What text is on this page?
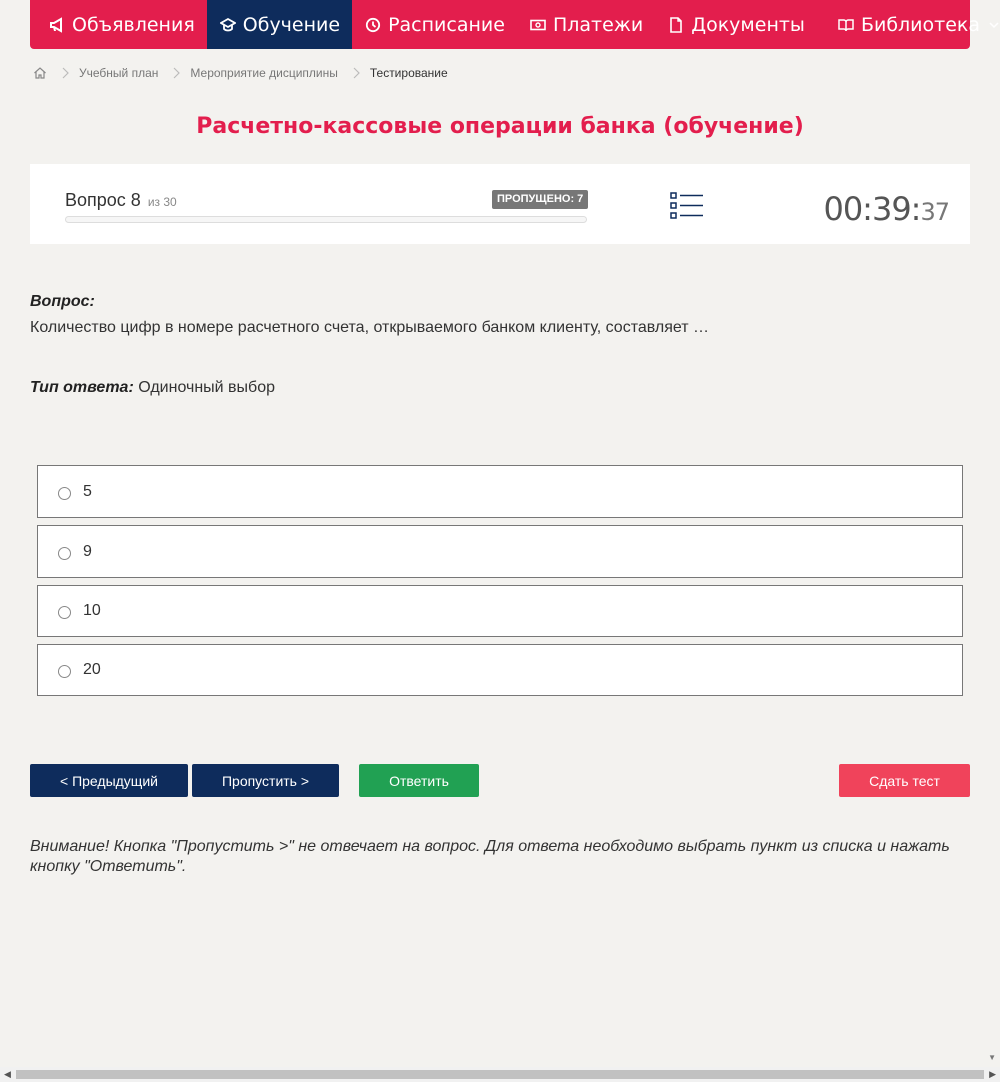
Объявления	Обучение	Расписание	Платежи	Документы	Библиотека
Учебный план	Мероприятие дисциплины	Тестирование
Расчетно-кассовые операции банка (обучение)
Вопрос 8 из 30	ПРОПУЩЕНО: 7	00:39:37
Вопрос:
Количество цифр в номере расчетного счета, открываемого банком клиенту, составляет …
Тип ответа: Одиночный выбор
5
9
10
20
< Предыдущий	Пропустить >	Ответить	Сдать тест
Внимание! Кнопка "Пропустить >" не отвечает на вопрос. Для ответа необходимо выбрать пункт из списка и нажать кнопку "Ответить".
▼
◀	▶
